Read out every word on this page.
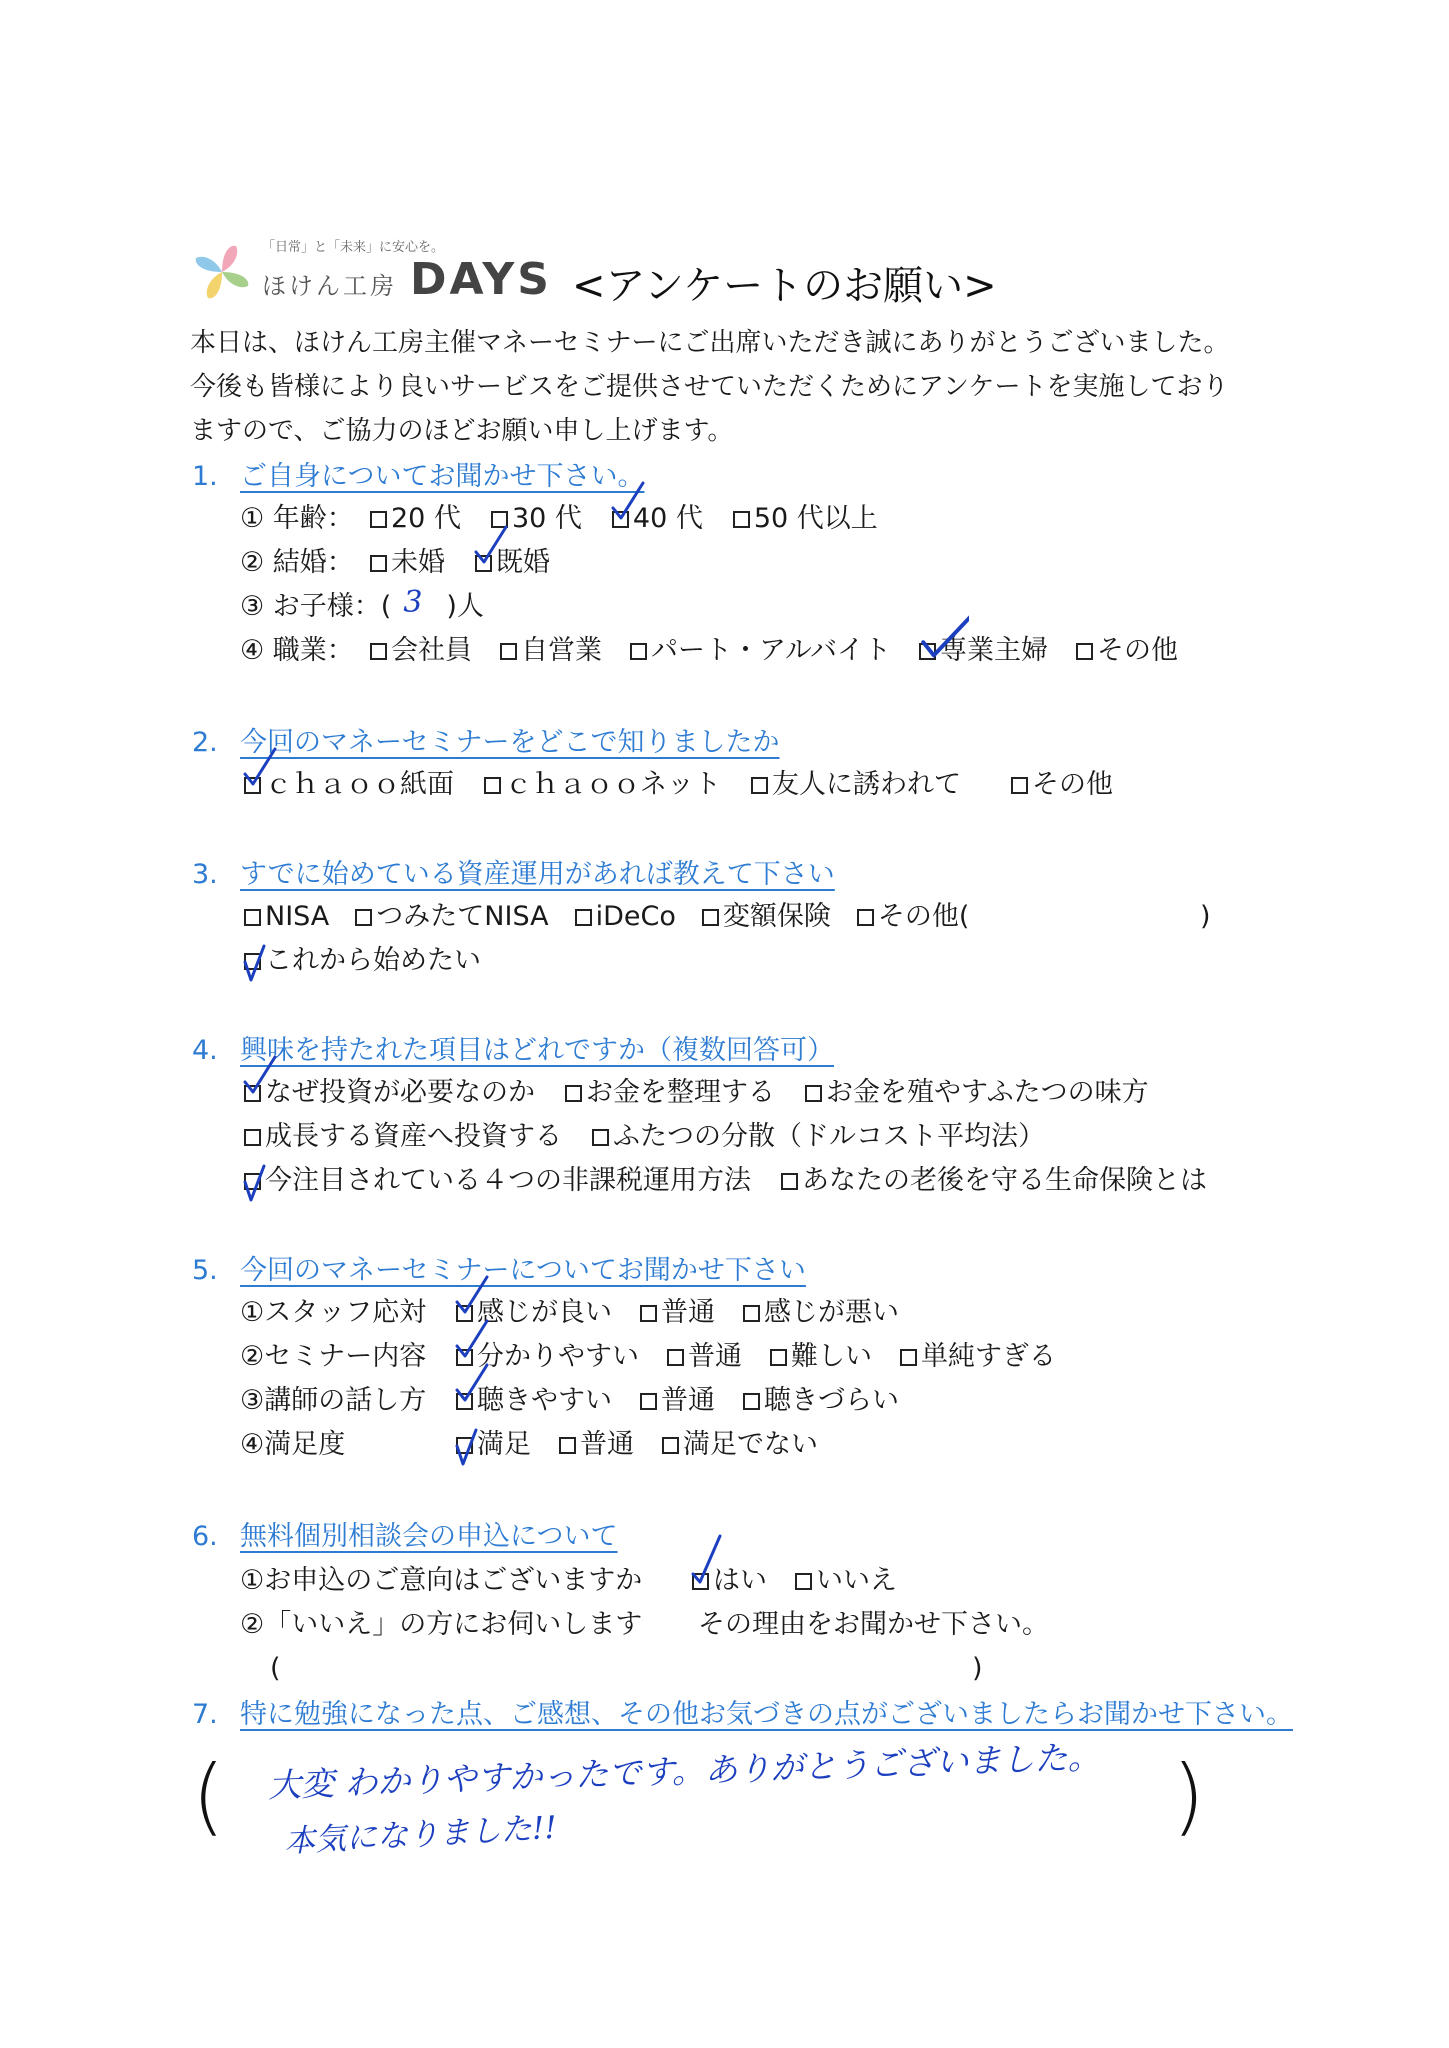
「日常」と「未来」に安心を。
ほけん工房 DAYS <アンケートのお願い>
本日は、ほけん工房主催マネーセミナーにご出席いただき誠にありがとうございました。
今後も皆様により良いサービスをご提供させていただくためにアンケートを実施しており
ますので、ご協力のほどお願い申し上げます。
1. ご自身についてお聞かせ下さい。
① 年齢：	20 代 30 代 40 代 50 代以上
② 結婚：	未婚 既婚
③ お子様：( 3 )人
④ 職業：	会社員 自営業 パート・アルバイト 専業主婦 その他
2. 今回のマネーセミナーをどこで知りましたか
ｃｈａｏｏ紙面 ｃｈａｏｏネット 友人に誘われて	その他
3. すでに始めている資産運用があれば教えて下さい
NISA つみたてNISA iDeCo 変額保険 その他(	)
これから始めたい
4. 興味を持たれた項目はどれですか（複数回答可）
なぜ投資が必要なのか お金を整理する お金を殖やすふたつの味方
成長する資産へ投資する ふたつの分散（ドルコスト平均法）
今注目されている４つの非課税運用方法 あなたの老後を守る生命保険とは
5. 今回のマネーセミナーについてお聞かせ下さい
①スタッフ応対	感じが良い 普通 感じが悪い
②セミナー内容	分かりやすい 普通 難しい 単純すぎる
③講師の話し方	聴きやすい 普通 聴きづらい
④満足度	満足 普通 満足でない
6. 無料個別相談会の申込について
①お申込のご意向はございますか	はい いいえ
②「いいえ」の方にお伺いします	その理由をお聞かせ下さい。
(	)
7. 特に勉強になった点、ご感想、その他お気づきの点がございましたらお聞かせ下さい。
(	)
大変 わかりやすかったです。ありがとうございました。
本気になりました!!
